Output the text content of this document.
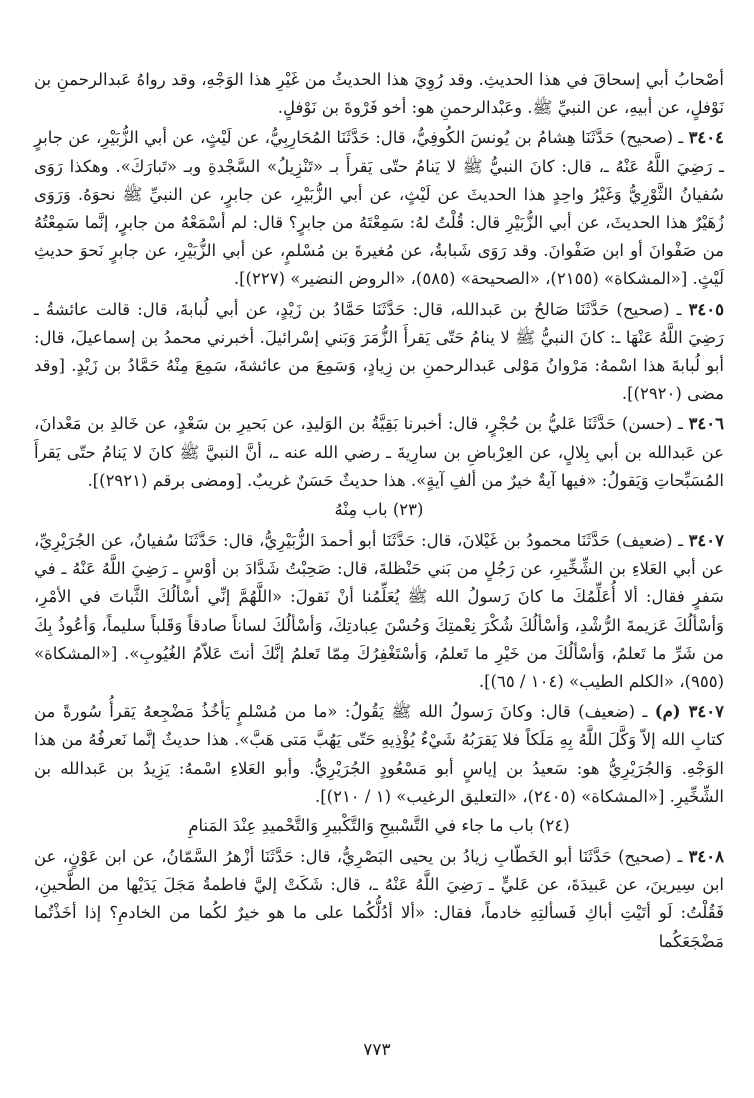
أصْحابُ أبي إسحاقَ في هذا الحديثِ. وقد رُوِيَ هذا الحديثُ من غَيْرِ هذا الوَجْهِ، وقد رواهُ عَبدالرحمنِ بن نَوْفلٍ، عن أبيهِ، عن النبيِّ ﷺ. وعَبْدالرحمنِ هو: أخو فَرْوةَ بن نَوْفلٍ.

٣٤٠٤ ـ (صحيح) حَدَّثَنَا هِشامُ بن يُونسَ الكُوفِيُّ، قال: حَدَّثَنَا المُحَارِبِيُّ، عن لَيْثٍ، عن أبي الزُّبَيْرِ، عن جابرٍ ـ رَضِيَ اللَّهُ عَنْهُ ـ، قال: كانَ النبيُّ ﷺ لا يَنامُ حتّى يَقرأَ بـ «تَنْزِيلُ» السَّجْدةِ وبـ «تَبارَكَ». وهكذا رَوَى سُفيانُ الثَّوْرِيُّ وَغَيْرُ واحِدٍ هذا الحديثَ عن لَيْثٍ، عن أبي الزُّبَيْرِ، عن جابرٍ، عن النبيِّ ﷺ نحوَهُ. وَرَوَى زُهَيْرٌ هذا الحديثَ، عن أبي الزُّبَيْرِ قال: قُلْتُ لهُ: سَمِعْتَهُ من جابرٍ؟ قال: لم أسْمَعْهُ من جابرٍ، إنَّما سَمِعْتُهُ من صَفْوانَ أو ابن صَفْوانَ. وقد رَوَى شَبابةُ، عن مُغيرةَ بن مُسْلمٍ، عن أبي الزُّبَيْرِ، عن جابرٍ نَحوَ حديثِ لَيْثٍ. [«المشكاة» (٢١٥٥)، «الصحيحة» (٥٨٥)، «الروض النضير» (٢٢٧)].

٣٤٠٥ ـ (صحيح) حَدَّثَنَا صَالحُ بن عَبدالله، قال: حَدَّثَنَا حَمَّادُ بن زَيْدٍ، عن أبي لُبابةَ، قال: قالت عائشةُ ـ رَضِيَ اللَّهُ عَنْهَا ـ: كانَ النبيُّ ﷺ لا ينامُ حَتّى يَقرأَ الزُّمَرَ وَبَني إسْرائيلَ. أخبرني محمدُ بن إسماعيلَ، قال: أبو لُبابةَ هذا اسْمهُ: مَرْوانُ مَوْلى عَبدالرحمنِ بن زِيادٍ، وَسَمِعَ من عائشةَ، سَمِعَ مِنْهُ حَمَّادُ بن زَيْدٍ. [وقد مضى (٢٩٢٠)].

٣٤٠٦ ـ (حسن) حَدَّثَنَا عَليُّ بن حُجْرٍ، قال: أخبرنا بَقِيَّةُ بن الوَليدِ، عن بَحيرِ بن سَعْدٍ، عن خَالدِ بن مَعْدانَ، عن عَبدالله بن أبي بِلالٍ، عن العِرْباضِ بن سارِيةَ ـ رضي الله عنه ـ، أنَّ النبيَّ ﷺ كانَ لا يَنامُ حتّى يَقرأَ المُسَبِّحاتِ وَيَقولُ: «فيها آيةٌ خيرٌ من ألفِ آيةٍ». هذا حديثٌ حَسَنٌ غريبٌ. [ومضى برقم (٢٩٢١)].

(٢٣) باب مِنْهُ

٣٤٠٧ ـ (ضعيف) حَدَّثَنَا محمودُ بن غَيْلانَ، قال: حَدَّثَنَا أبو أحمدَ الزُّبَيْرِيُّ، قال: حَدَّثَنَا سُفيانُ، عن الجُرَيْرِيِّ، عن أبي العَلاءِ بن الشِّخِّيرِ، عن رَجُلٍ من بَني حَنْظلةَ، قال: صَحِبْتُ شَدَّادَ بن أوْسٍ ـ رَضِيَ اللَّهُ عَنْهُ ـ في سَفرٍ فقال: ألا أُعَلِّمُكَ ما كانَ رَسولُ الله ﷺ يُعَلِّمُنا أنْ نَقولَ: «اللَّهُمَّ إنِّي أسْألُكَ الثَّباتَ في الأمْرِ، وَأسْألُكَ عَزيمةَ الرُّشْدِ، وَأسْألُكَ شُكْرَ نِعْمتِكَ وَحُسْنَ عِبادتِكَ، وَأسْألُكَ لساناً صادقاً وَقَلباً سليماً، وَأعُوذُ بِكَ من شَرِّ ما تَعلمُ، وَأسْألُكَ من خَيْرِ ما تَعلمُ، وَأسْتَغْفِرُكَ مِمّا تَعلمُ إنَّكَ أنتَ عَلاّمُ الغُيُوبِ». [«المشكاة» (٩٥٥)، «الكلم الطيب» (١٠٤ / ٦٥)].

٣٤٠٧ (م) ـ (ضعيف) قال: وكانَ رَسولُ الله ﷺ يَقُولُ: «ما من مُسْلمٍ يَأخُذُ مَضْجِعهُ يَقرأُ سُورةً من كتابِ الله إلاّ وَكَّلَ اللَّهُ بِهِ مَلَكاً فلا يَقرَبُهُ شَيْءٌ يُؤْذِيهِ حَتّى يَهُبَّ مَتى هَبَّ». هذا حديثٌ إنَّما نَعرفُهُ من هذا الوَجْهِ. وَالجُرَيْرِيُّ هو: سَعيدُ بن إياسٍ أبو مَسْعُودٍ الجُرَيْرِيُّ. وأبو العَلاءِ اسْمهُ: يَزِيدُ بن عَبدالله بن الشِّخِّيرِ. [«المشكاة» (٢٤٠٥)، «التعليق الرغيب» (١ / ٢١٠)].

(٢٤) باب ما جاء في التَّسْبيحِ وَالتَّكْبيرِ وَالتَّحْميدِ عِنْدَ المَنامِ

٣٤٠٨ ـ (صحيح) حَدَّثَنَا أبو الخَطّابِ زيادُ بن يحيى البَصْرِيُّ، قال: حَدَّثَنَا أزْهرُ السَّمّانُ، عن ابن عَوْنٍ، عن ابن سِيرينَ، عن عَبيدَةَ، عن عَليٍّ ـ رَضِيَ اللَّهُ عَنْهُ ـ، قال: شَكَتْ إليَّ فاطمةُ مَجَلَ يَدَيْها من الطَّحينِ، فَقُلْتُ: لَو أتَيْتِ أباكِ فَسألتِهِ خادماً، فقال: «ألا أدُلُّكُما على ما هو خيرٌ لكُما من الخادمِ؟ إذا أخَذْتُما مَضْجَعَكُما

٧٧٣
